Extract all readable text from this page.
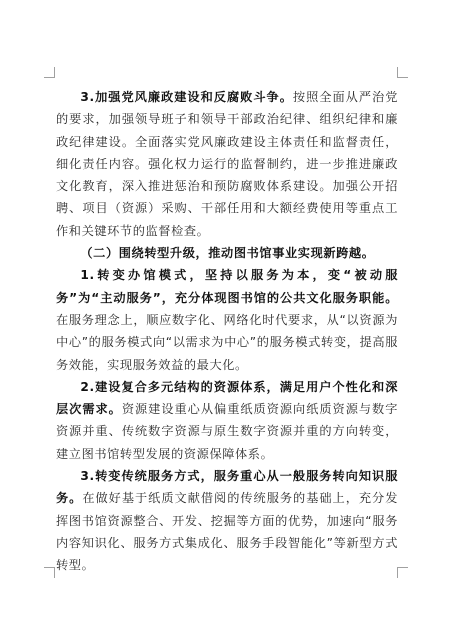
3.加强党风廉政建设和反腐败斗争。按照全面从严治党的要求，加强领导班子和领导干部政治纪律、组织纪律和廉政纪律建设。全面落实党风廉政建设主体责任和监督责任，细化责任内容。强化权力运行的监督制约，进一步推进廉政文化教育，深入推进惩治和预防腐败体系建设。加强公开招聘、项目（资源）采购、干部任用和大额经费使用等重点工作和关键环节的监督检查。

（二）围绕转型升级，推动图书馆事业实现新跨越。

1.转变办馆模式，坚持以服务为本，变“被动服务”为“主动服务”，充分体现图书馆的公共文化服务职能。在服务理念上，顺应数字化、网络化时代要求，从“以资源为中心”的服务模式向“以需求为中心”的服务模式转变，提高服务效能，实现服务效益的最大化。

2.建设复合多元结构的资源体系，满足用户个性化和深层次需求。资源建设重心从偏重纸质资源向纸质资源与数字资源并重、传统数字资源与原生数字资源并重的方向转变，建立图书馆转型发展的资源保障体系。

3.转变传统服务方式，服务重心从一般服务转向知识服务。在做好基于纸质文献借阅的传统服务的基础上，充分发挥图书馆资源整合、开发、挖掘等方面的优势，加速向“服务内容知识化、服务方式集成化、服务手段智能化”等新型方式转型。
